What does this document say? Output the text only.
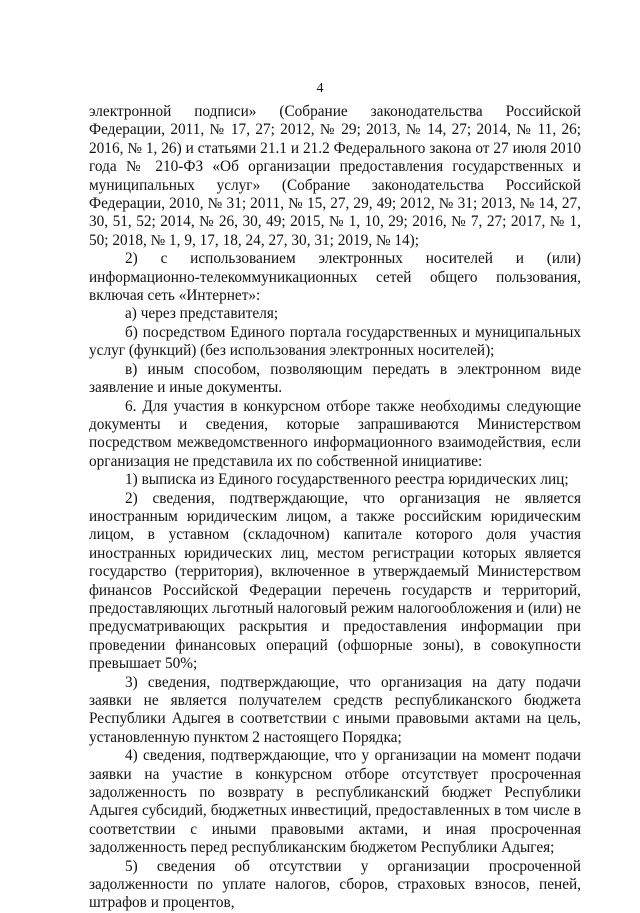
4

электронной подписи» (Собрание законодательства Российской Федерации, 2011, № 17, 27; 2012, № 29; 2013, № 14, 27; 2014, № 11, 26; 2016, № 1, 26) и статьями 21.1 и 21.2 Федерального закона от 27 июля 2010 года № 210-ФЗ «Об организации предоставления государственных и муниципальных услуг» (Собрание законодательства Российской Федерации, 2010, № 31; 2011, № 15, 27, 29, 49; 2012, № 31; 2013, № 14, 27, 30, 51, 52; 2014, № 26, 30, 49; 2015, № 1, 10, 29; 2016, № 7, 27; 2017, № 1, 50; 2018, № 1, 9, 17, 18, 24, 27, 30, 31; 2019, № 14);

2) с использованием электронных носителей и (или) информационно-телекоммуникационных сетей общего пользования, включая сеть «Интернет»:

а) через представителя;

б) посредством Единого портала государственных и муниципальных услуг (функций) (без использования электронных носителей);

в) иным способом, позволяющим передать в электронном виде заявление и иные документы.

6. Для участия в конкурсном отборе также необходимы следующие документы и сведения, которые запрашиваются Министерством посредством межведомственного информационного взаимодействия, если организация не представила их по собственной инициативе:

1) выписка из Единого государственного реестра юридических лиц;

2) сведения, подтверждающие, что организация не является иностранным юридическим лицом, а также российским юридическим лицом, в уставном (складочном) капитале которого доля участия иностранных юридических лиц, местом регистрации которых является государство (территория), включенное в утверждаемый Министерством финансов Российской Федерации перечень государств и территорий, предоставляющих льготный налоговый режим налогообложения и (или) не предусматривающих раскрытия и предоставления информации при проведении финансовых операций (офшорные зоны), в совокупности превышает 50%;

3) сведения, подтверждающие, что организация на дату подачи заявки не является получателем средств республиканского бюджета Республики Адыгея в соответствии с иными правовыми актами на цель, установленную пунктом 2 настоящего Порядка;

4) сведения, подтверждающие, что у организации на момент подачи заявки на участие в конкурсном отборе отсутствует просроченная задолженность по возврату в республиканский бюджет Республики Адыгея субсидий, бюджетных инвестиций, предоставленных в том числе в соответствии с иными правовыми актами, и иная просроченная задолженность перед республиканским бюджетом Республики Адыгея;

5) сведения об отсутствии у организации просроченной задолженности по уплате налогов, сборов, страховых взносов, пеней, штрафов и процентов,
